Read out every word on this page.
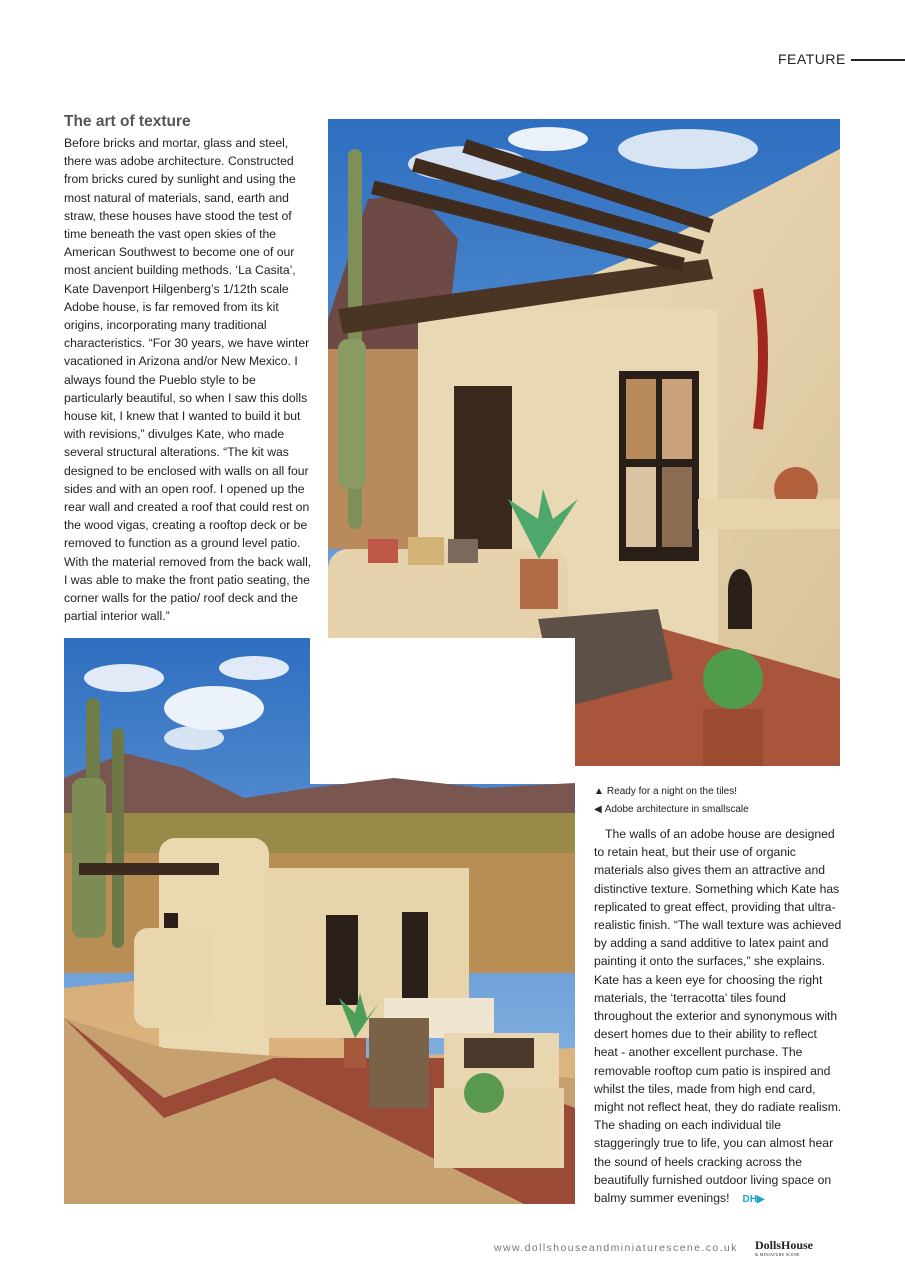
FEATURE
The art of texture

Before bricks and mortar, glass and steel, there was adobe architecture. Constructed from bricks cured by sunlight and using the most natural of materials, sand, earth and straw, these houses have stood the test of time beneath the vast open skies of the American Southwest to become one of our most ancient building methods. ‘La Casita’, Kate Davenport Hilgenberg’s 1/12th scale Adobe house, is far removed from its kit origins, incorporating many traditional characteristics. “For 30 years, we have winter vacationed in Arizona and/or New Mexico. I always found the Pueblo style to be particularly beautiful, so when I saw this dolls house kit, I knew that I wanted to build it but with revisions,” divulges Kate, who made several structural alterations. “The kit was designed to be enclosed with walls on all four sides and with an open roof. I opened up the rear wall and created a roof that could rest on the wood vigas, creating a rooftop deck or be removed to function as a ground level patio. With the material removed from the back wall, I was able to make the front patio seating, the corner walls for the patio/ roof deck and the partial interior wall.”

▲ Ready for a night on the tiles!
◀ Adobe architecture in smallscale

The walls of an adobe house are designed to retain heat, but their use of organic materials also gives them an attractive and distinctive texture. Something which Kate has replicated to great effect, providing that ultra-realistic finish. “The wall texture was achieved by adding a sand additive to latex paint and painting it onto the surfaces,” she explains. Kate has a keen eye for choosing the right materials, the ‘terracotta’ tiles found throughout the exterior and synonymous with desert homes due to their ability to reflect heat - another excellent purchase. The removable rooftop cum patio is inspired and whilst the tiles, made from high end card, might not reflect heat, they do radiate realism. The shading on each individual tile staggeringly true to life, you can almost hear the sound of heels cracking across the beautifully furnished outdoor living space on balmy summer evenings! DH▶

www.dollshouseandminiaturescene.co.uk DollsHouse
& MINIATURE SCENE
